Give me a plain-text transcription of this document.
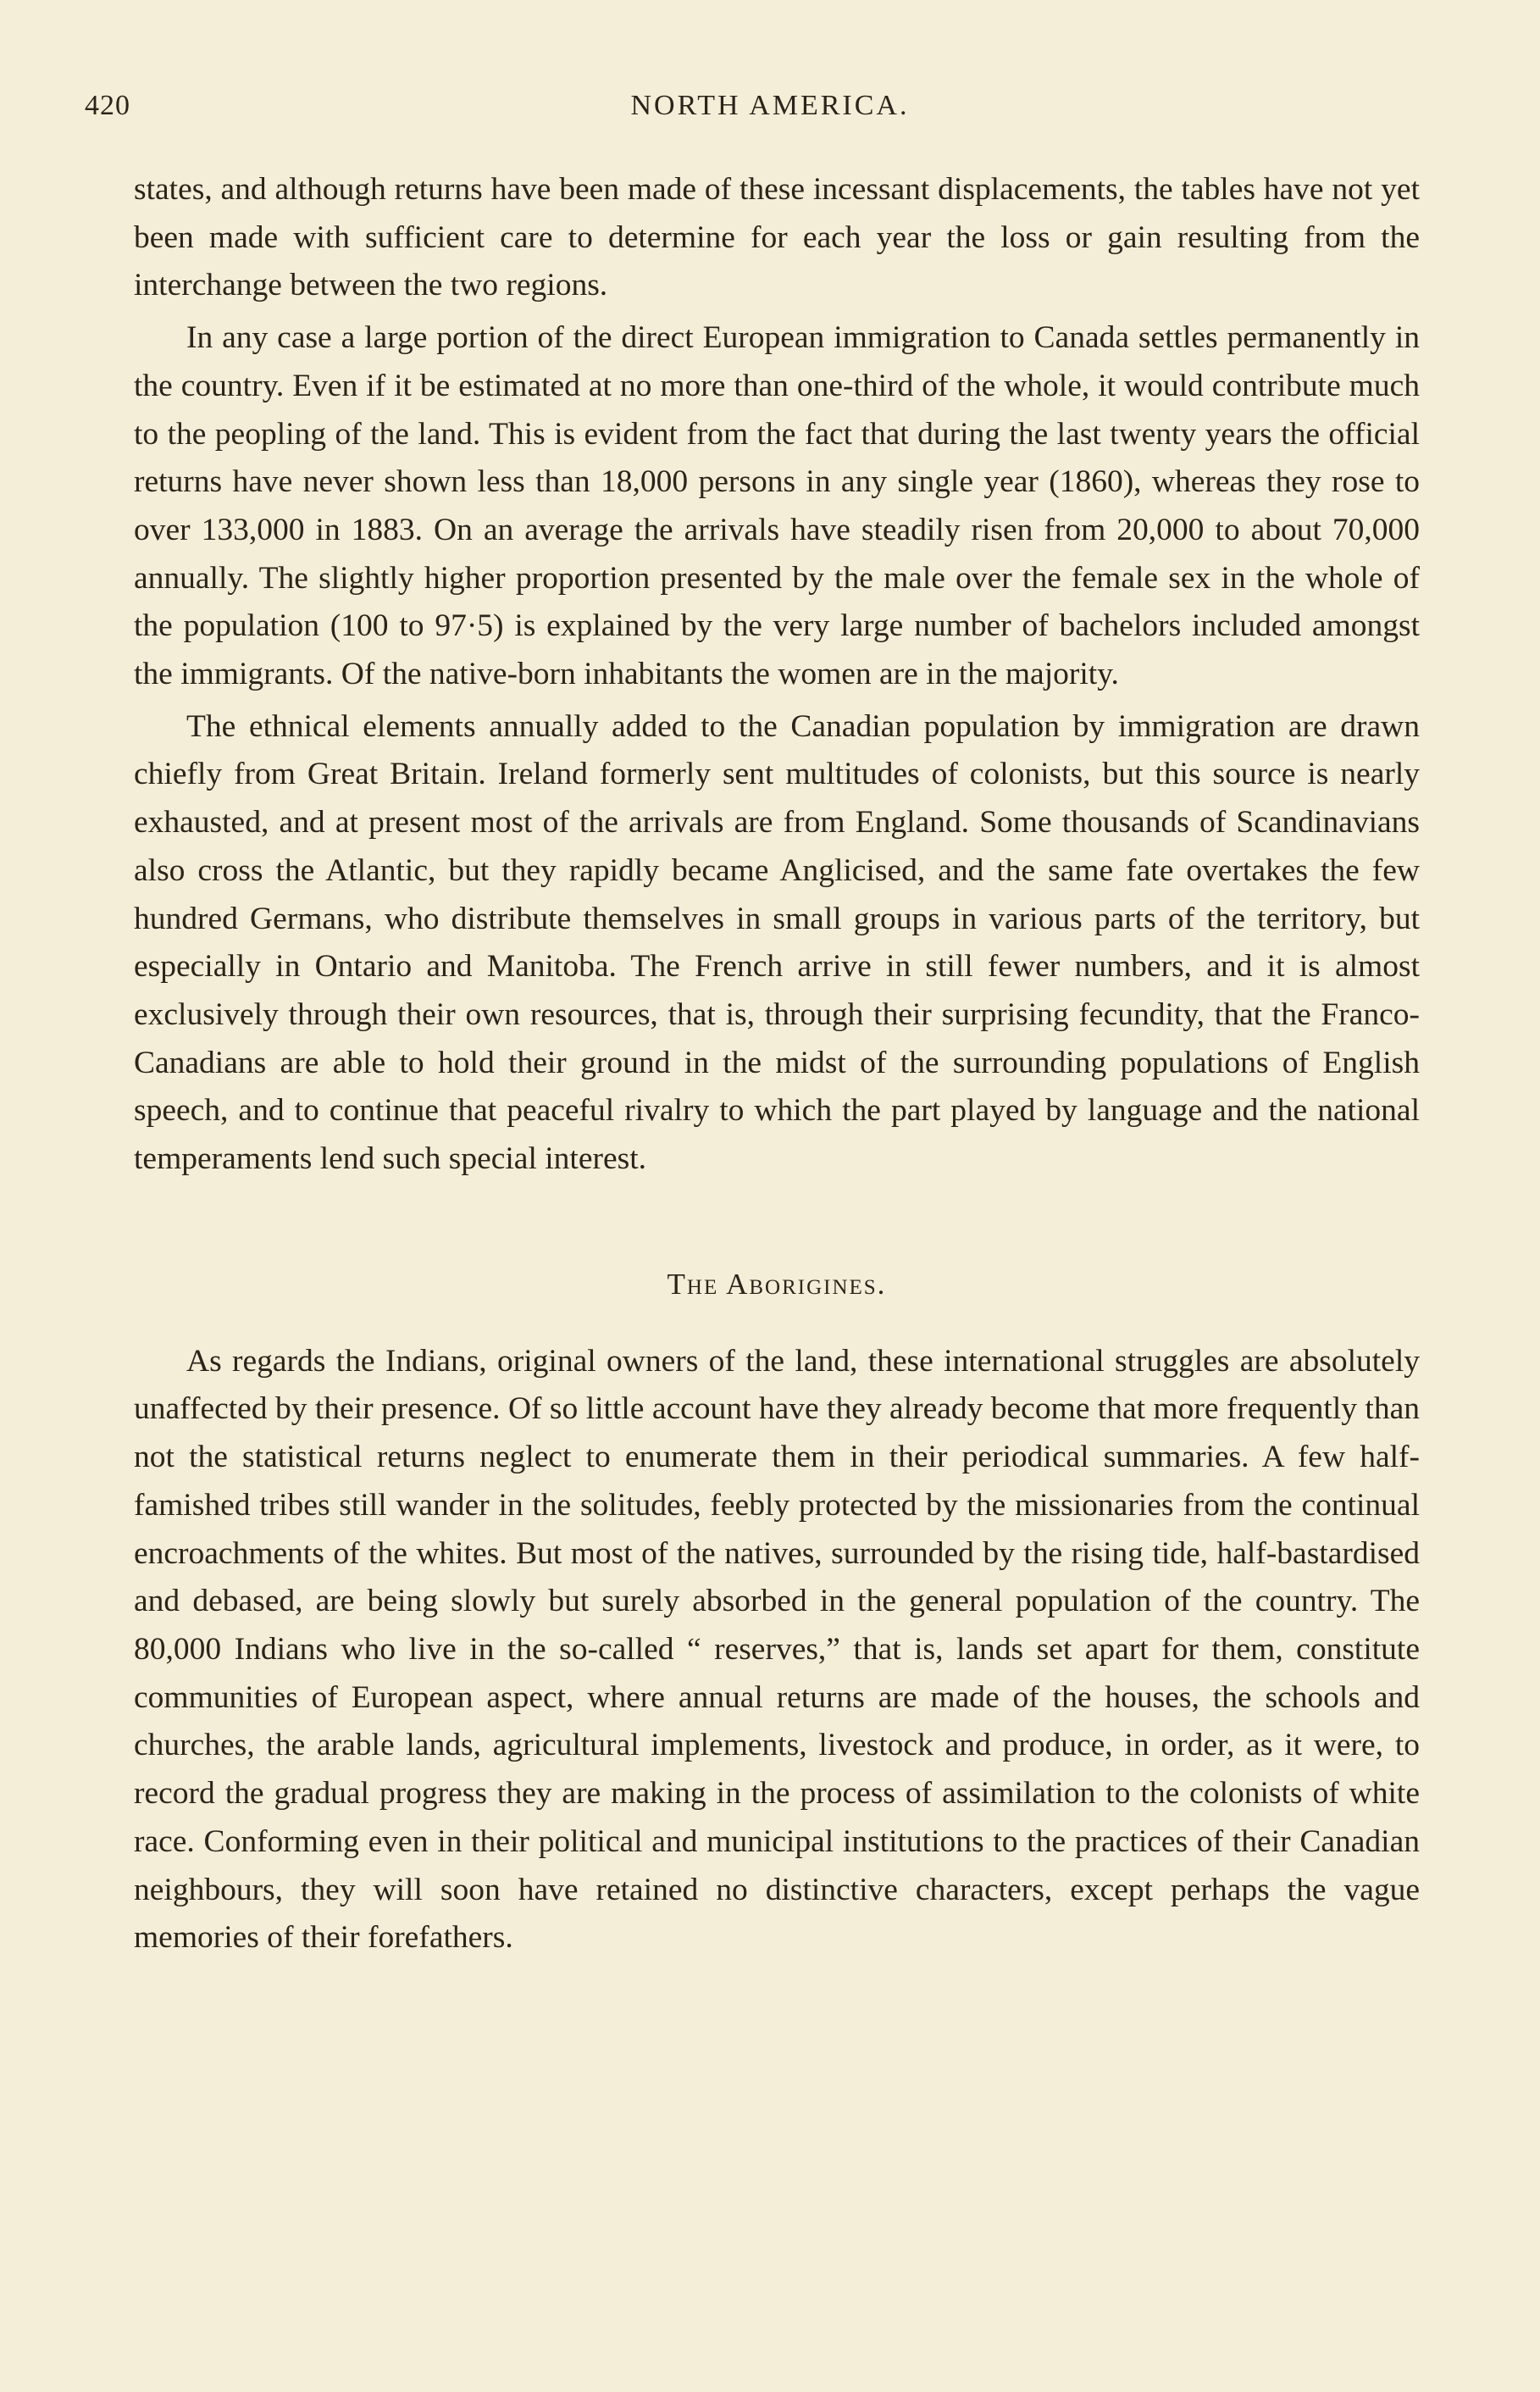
420	NORTH AMERICA.

states, and although returns have been made of these incessant displacements, the tables have not yet been made with sufficient care to determine for each year the loss or gain resulting from the interchange between the two regions.

In any case a large portion of the direct European immigration to Canada settles permanently in the country. Even if it be estimated at no more than one-third of the whole, it would contribute much to the peopling of the land. This is evident from the fact that during the last twenty years the official returns have never shown less than 18,000 persons in any single year (1860), whereas they rose to over 133,000 in 1883. On an average the arrivals have steadily risen from 20,000 to about 70,000 annually. The slightly higher proportion presented by the male over the female sex in the whole of the population (100 to 97·5) is explained by the very large number of bachelors included amongst the immigrants. Of the native-born inhabitants the women are in the majority.

The ethnical elements annually added to the Canadian population by immigration are drawn chiefly from Great Britain. Ireland formerly sent multitudes of colonists, but this source is nearly exhausted, and at present most of the arrivals are from England. Some thousands of Scandinavians also cross the Atlantic, but they rapidly became Anglicised, and the same fate overtakes the few hundred Germans, who distribute themselves in small groups in various parts of the territory, but especially in Ontario and Manitoba. The French arrive in still fewer numbers, and it is almost exclusively through their own resources, that is, through their surprising fecundity, that the Franco-Canadians are able to hold their ground in the midst of the surrounding populations of English speech, and to continue that peaceful rivalry to which the part played by language and the national temperaments lend such special interest.

The Aborigines.

As regards the Indians, original owners of the land, these international struggles are absolutely unaffected by their presence. Of so little account have they already become that more frequently than not the statistical returns neglect to enumerate them in their periodical summaries. A few half-famished tribes still wander in the solitudes, feebly protected by the missionaries from the continual encroachments of the whites. But most of the natives, surrounded by the rising tide, half-bastardised and debased, are being slowly but surely absorbed in the general population of the country. The 80,000 Indians who live in the so-called “ reserves,” that is, lands set apart for them, constitute communities of European aspect, where annual returns are made of the houses, the schools and churches, the arable lands, agricultural implements, livestock and produce, in order, as it were, to record the gradual progress they are making in the process of assimilation to the colonists of white race. Conforming even in their political and municipal institutions to the practices of their Canadian neighbours, they will soon have retained no distinctive characters, except perhaps the vague memories of their forefathers.
